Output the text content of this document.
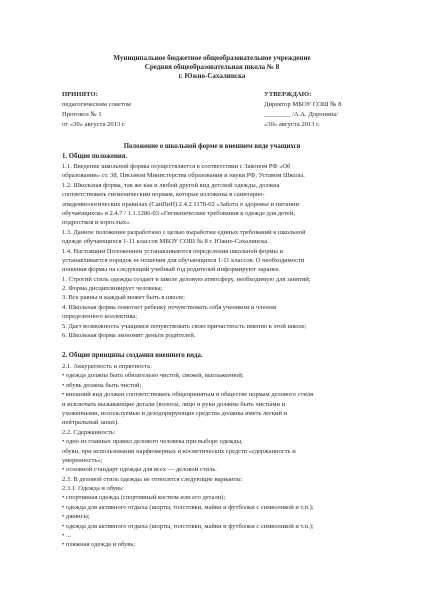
Муниципальное бюджетное общеобразовательное учреждение
Средняя общеобразовательная школа № 8
г. Южно-Сахалинска
ПРИНЯТО:
педагогическим советом
Протокол № 1
от «30» августа 2013 г.
УТВЕРЖДАЮ:
Директор МБОУ СОШ № 8
________ /А.А. Доронина/
«30» августа 2013 г.
Положение о школьной форме и внешнем виде учащихся
1. Общие положения.
1.1. Введение школьной формы осуществляется в соответствии с Законом РФ «Об
образовании» ст. 38, Письмом Министерства образования и науки РФ, Уставом Школы.
1.2. Школьная форма, так же как и любой другой вид детской одежды, должна
соответствовать гигиеническим нормам, которые изложены в санитарно-
эпидемиологических правилах (СанПиН) 2.4.2 1178-02 «Забота о здоровье и питании
обучающихся» в 2.4.7 / 1.1.1286-03 «Гигиенические требования к одежде для детей,
подростков и взрослых».
1.3. Данное положение разработано с целью выработки единых требований к школьной
одежде обучающихся 1-11 классов МБОУ СОШ № 8 г. Южно-Сахалинска.
1.4. Настоящим Положением устанавливаются определения школьной формы и
устанавливается порядок ее ношения для обучающихся 1-11 классов. О необходимости
ношения формы на следующий учебный год родителей информируют заранее.
1. Строгий стиль одежды создает в школе деловую атмосферу, необходимую для занятий;
2. Форма дисциплинирует человека;
3. Все равны и каждый может быть в школе;
4. Школьная форма помогает ребенку почувствовать себя учеником и членом
определенного коллектива;
5. Дает возможность учащимся почувствовать свою причастность именно к этой школе;
6. Школьная форма экономит деньги родителей.
2. Общие принципы создания внешнего вида.
2.1. Аккуратность и опрятность:
• одежда должна быть обязательно чистой, свежей, выглаженной;
• обувь должна быть чистой;
• внешний вид должен соответствовать общепринятым в обществе нормам делового стиля
и исключать вызывающие детали (волосы, лицо и руки должны быть чистыми и
ухоженными, используемые и дезодорирующие средства должны иметь легкий и
нейтральный запах).
2.2. Сдержанность:
• одно из главных правил делового человека при выборе одежды,
обуви, при использовании парфюмерных и косметических средств «сдержанность и
умеренность»;
• основной стандарт одежды для всех — деловой стиль.
2.3. В деловой стиль одежды не относится следующие варианты:
2.3.1. Одежда и обувь:
• спортивная одежда (спортивный костюм или его детали);
• одежда для активного отдыха (шорты, толстовки, майки и футболки с символикой и т.п.);
• джинсы;
• одежда для активного отдыха (шорты, толстовки, майки и футболки с символикой и т.п.);
• ...
• пляжная одежда и обувь;
